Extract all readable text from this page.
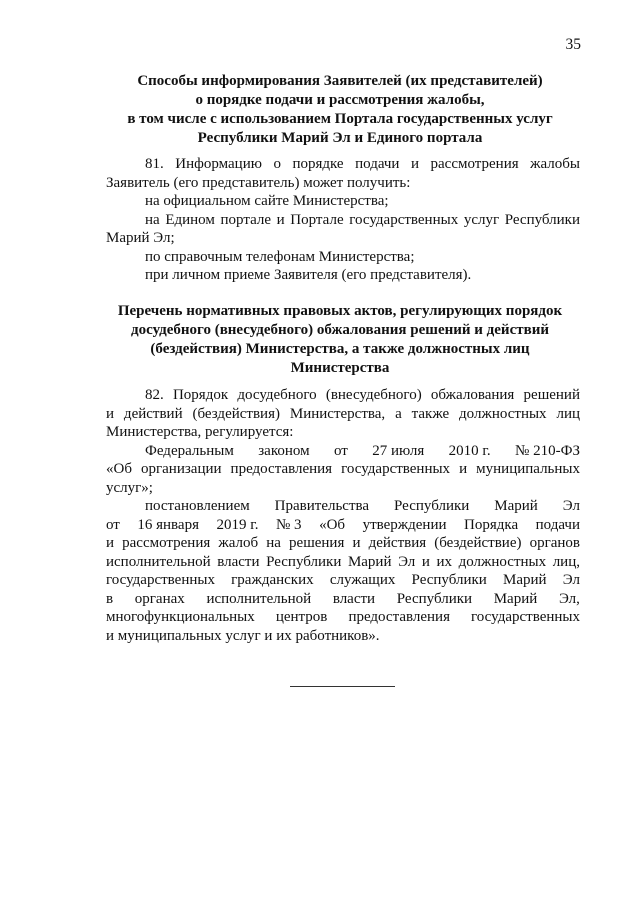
35
Способы информирования Заявителей (их представителей)
о порядке подачи и рассмотрения жалобы,
в том числе с использованием Портала государственных услуг
Республики Марий Эл и Единого портала
81. Информацию о порядке подачи и рассмотрения жалобы
Заявитель (его представитель) может получить:
на официальном сайте Министерства;
на Едином портале и Портале государственных услуг Республики
Марий Эл;
по справочным телефонам Министерства;
при личном приеме Заявителя (его представителя).
Перечень нормативных правовых актов, регулирующих порядок
досудебного (внесудебного) обжалования решений и действий
(бездействия) Министерства, а также должностных лиц
Министерства
82. Порядок досудебного (внесудебного) обжалования решений
и действий (бездействия) Министерства, а также должностных лиц
Министерства, регулируется:
Федеральным законом от 27 июля 2010 г. № 210-ФЗ
«Об организации предоставления государственных и муниципальных
услуг»;
постановлением Правительства Республики Марий Эл
от 16 января 2019 г. № 3 «Об утверждении Порядка подачи
и рассмотрения жалоб на решения и действия (бездействие) органов
исполнительной власти Республики Марий Эл и их должностных лиц,
государственных гражданских служащих Республики Марий Эл
в органах исполнительной власти Республики Марий Эл,
многофункциональных центров предоставления государственных
и муниципальных услуг и их работников».
